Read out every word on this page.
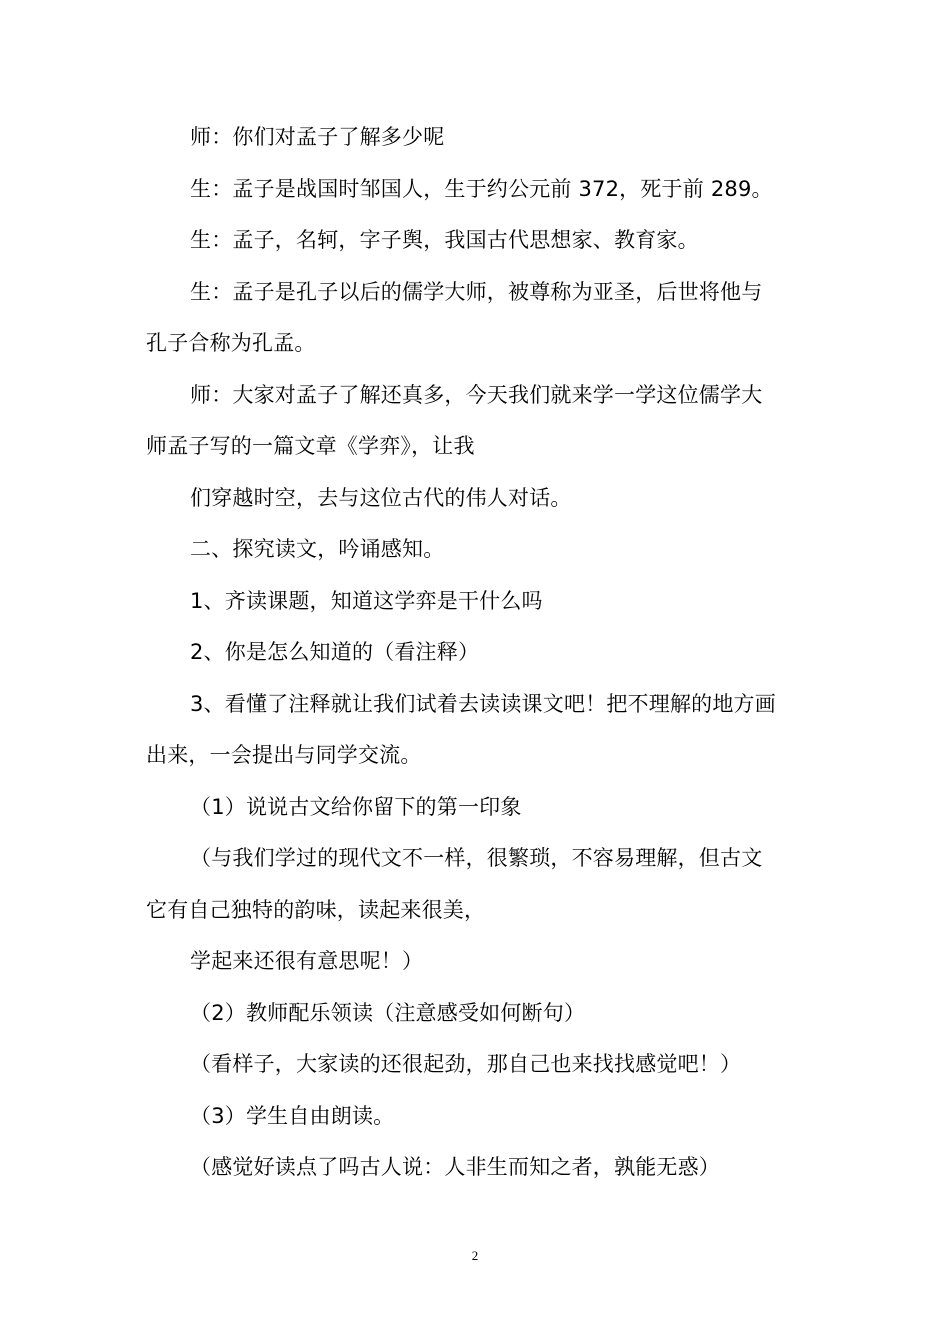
师：你们对孟子了解多少呢
生：孟子是战国时邹国人，生于约公元前 372，死于前 289。
生：孟子，名轲，字子舆，我国古代思想家、教育家。
生：孟子是孔子以后的儒学大师，被尊称为亚圣，后世将他与
孔子合称为孔孟。
师：大家对孟子了解还真多，今天我们就来学一学这位儒学大
师孟子写的一篇文章《学弈》，让我
们穿越时空，去与这位古代的伟人对话。
二、探究读文，吟诵感知。
1、齐读课题，知道这学弈是干什么吗
2、你是怎么知道的（看注释）
3、看懂了注释就让我们试着去读读课文吧！把不理解的地方画
出来，一会提出与同学交流。
（1）说说古文给你留下的第一印象
（与我们学过的现代文不一样，很繁琐，不容易理解，但古文
它有自己独特的韵味，读起来很美，
学起来还很有意思呢！）
（2）教师配乐领读（注意感受如何断句）
（看样子，大家读的还很起劲，那自己也来找找感觉吧！）
（3）学生自由朗读。
（感觉好读点了吗古人说：人非生而知之者，孰能无惑）
2
